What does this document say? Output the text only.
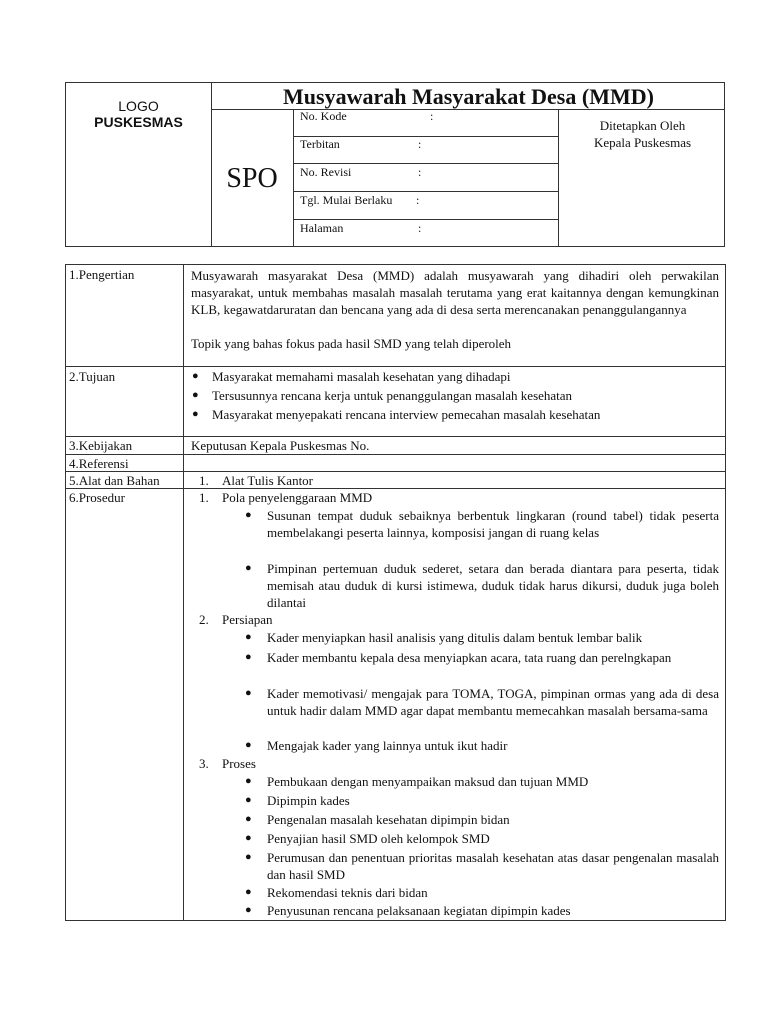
LOGO
PUSKESMAS
Musyawarah Masyarakat Desa (MMD)
SPO
No. Kode	:
Terbitan	:
No. Revisi	:
Tgl. Mulai Berlaku :
Halaman	:
Ditetapkan Oleh
Kepala Puskesmas
1.Pengertian	Musyawarah masyarakat Desa (MMD) adalah musyawarah yang dihadiri oleh perwakilan masyarakat, untuk membahas masalah masalah terutama yang erat kaitannya dengan kemungkinan KLB, kegawatdaruratan dan bencana yang ada di desa serta merencanakan penanggulangannya
Topik yang bahas fokus pada hasil SMD yang telah diperoleh
2.Tujuan	● Masyarakat memahami masalah kesehatan yang dihadapi
● Tersusunnya rencana kerja untuk penanggulangan masalah kesehatan
● Masyarakat menyepakati rencana interview pemecahan masalah kesehatan
3.Kebijakan	Keputusan Kepala Puskesmas No.
4.Referensi
5.Alat dan Bahan	1. Alat Tulis Kantor
6.Prosedur	1. Pola penyelenggaraan MMD
● Susunan tempat duduk sebaiknya berbentuk lingkaran (round tabel) tidak peserta membelakangi peserta lainnya, komposisi jangan di ruang kelas
● Pimpinan pertemuan duduk sederet, setara dan berada diantara para peserta, tidak memisah atau duduk di kursi istimewa, duduk tidak harus dikursi, duduk juga boleh dilantai
2. Persiapan
● Kader menyiapkan hasil analisis yang ditulis dalam bentuk lembar balik
● Kader membantu kepala desa menyiapkan acara, tata ruang dan perelngkapan
● Kader memotivasi/ mengajak para TOMA, TOGA, pimpinan ormas yang ada di desa untuk hadir dalam MMD agar dapat membantu memecahkan masalah bersama-sama
● Mengajak kader yang lainnya untuk ikut hadir
3. Proses
● Pembukaan dengan menyampaikan maksud dan tujuan MMD
● Dipimpin kades
● Pengenalan masalah kesehatan dipimpin bidan
● Penyajian hasil SMD oleh kelompok SMD
● Perumusan dan penentuan prioritas masalah kesehatan atas dasar pengenalan masalah dan hasil SMD
● Rekomendasi teknis dari bidan
● Penyusunan rencana pelaksanaan kegiatan dipimpin kades
